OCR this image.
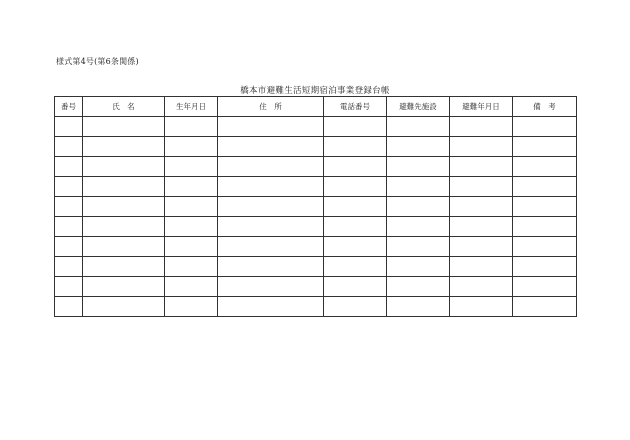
様式第4号(第6条関係)
橋本市避難生活短期宿泊事業登録台帳
番号	氏　名	生年月日	住　所	電話番号	避難先施設	避難年月日	備　考
